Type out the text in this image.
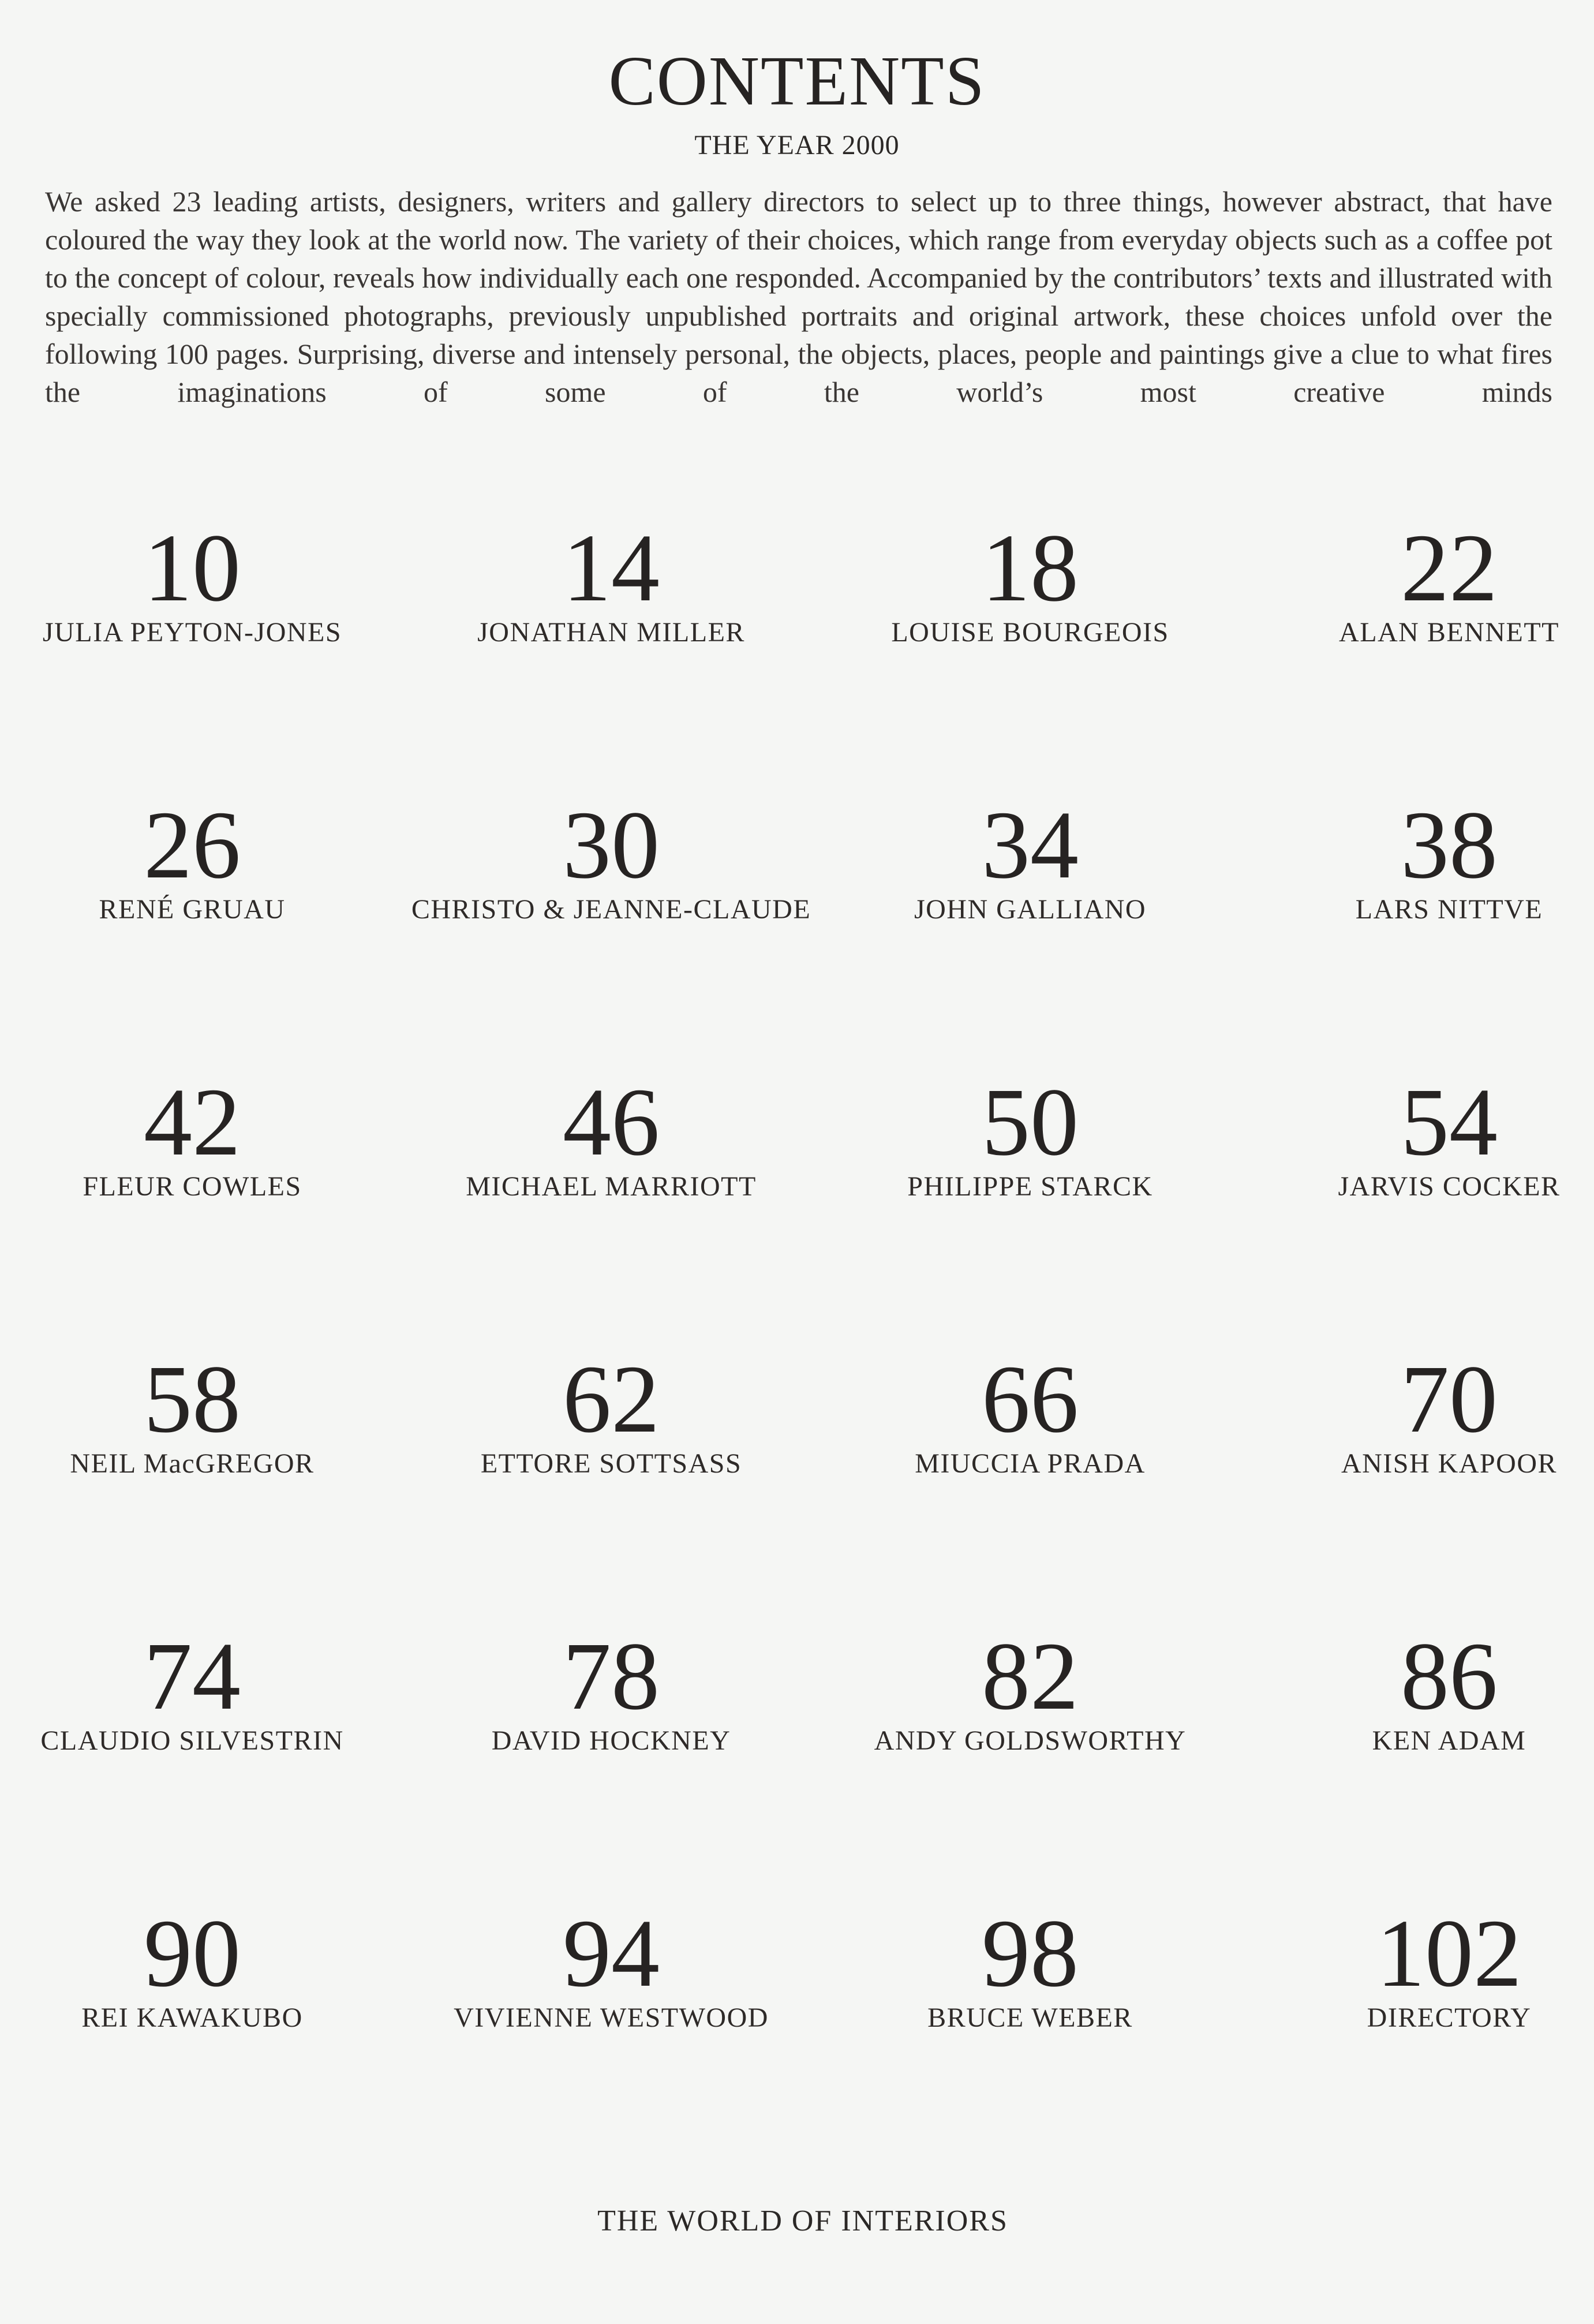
CONTENTS
THE YEAR 2000

We asked 23 leading artists, designers, writers and gallery directors to select up to three things, however abstract, that have coloured the way they look at the world now. The variety of their choices, which range from everyday objects such as a coffee pot to the concept of colour, reveals how individually each one responded. Accompanied by the contributors’ texts and illustrated with specially commissioned photographs, previously unpublished portraits and original artwork, these choices unfold over the following 100 pages. Surprising, diverse and intensely personal, the objects, places, people and paintings give a clue to what fires the imaginations of some of the world’s most creative minds

10
JULIA PEYTON-JONES
14
JONATHAN MILLER
18
LOUISE BOURGEOIS
22
ALAN BENNETT
26
RENÉ GRUAU
30
CHRISTO & JEANNE-CLAUDE
34
JOHN GALLIANO
38
LARS NITTVE
42
FLEUR COWLES
46
MICHAEL MARRIOTT
50
PHILIPPE STARCK
54
JARVIS COCKER
58
NEIL MacGREGOR
62
ETTORE SOTTSASS
66
MIUCCIA PRADA
70
ANISH KAPOOR
74
CLAUDIO SILVESTRIN
78
DAVID HOCKNEY
82
ANDY GOLDSWORTHY
86
KEN ADAM
90
REI KAWAKUBO
94
VIVIENNE WESTWOOD
98
BRUCE WEBER
102
DIRECTORY
THE WORLD OF INTERIORS
